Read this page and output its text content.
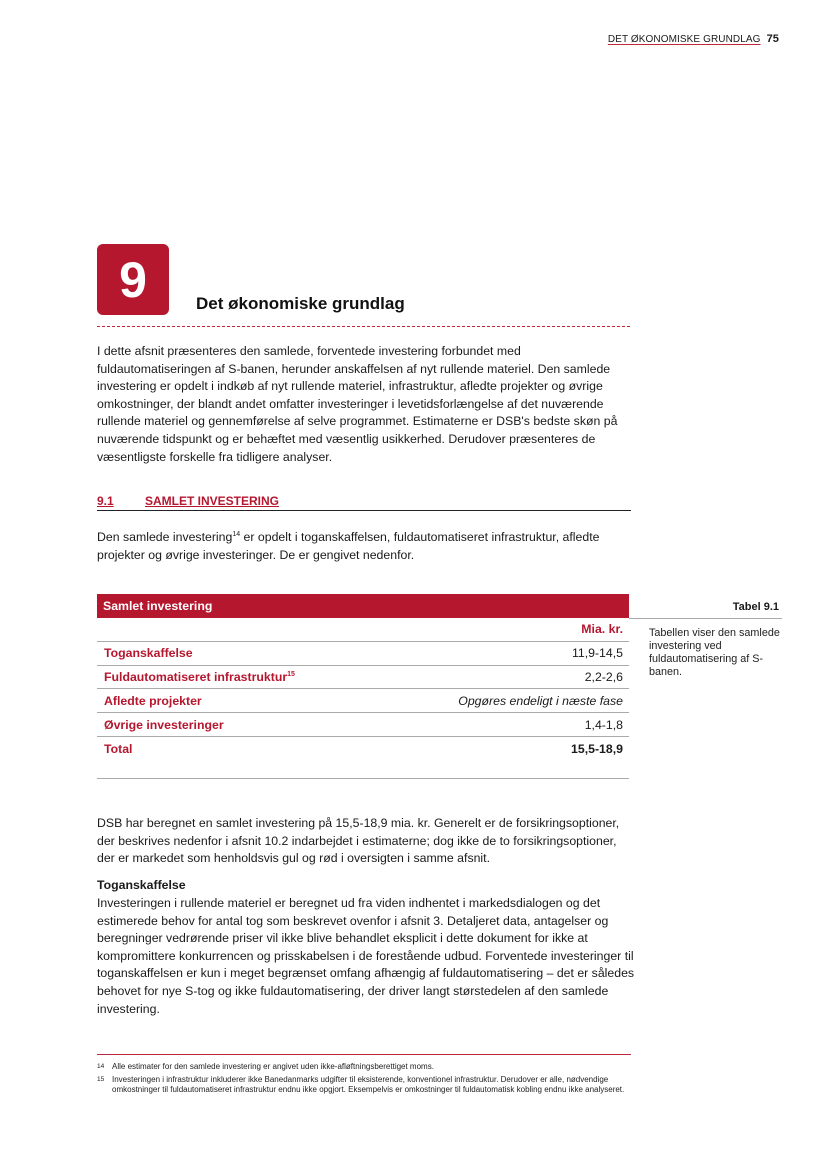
DET ØKONOMISKE GRUNDLAG 75
9	Det økonomiske grundlag

I dette afsnit præsenteres den samlede, forventede investering forbundet med fuldautomatiseringen af S-banen, herunder anskaffelsen af nyt rullende materiel. Den samlede investering er opdelt i indkøb af nyt rullende materiel, infrastruktur, afledte projekter og øvrige omkostninger, der blandt andet omfatter investeringer i levetidsforlængelse af det nuværende rullende materiel og gennemførelse af selve programmet. Estimaterne er DSB's bedste skøn på nuværende tidspunkt og er behæftet med væsentlig usikkerhed. Derudover præsenteres de væsentligste forskelle fra tidligere analyser.

9.1	SAMLET INVESTERING

Den samlede investering$^{14}$ er opdelt i toganskaffelsen, fuldautomatiseret infrastruktur, afledte projekter og øvrige investeringer. De er gengivet nedenfor.

Samlet investering	Tabel 9.1
Tabellen viser den samlede investering ved fuldautomatisering af S-banen.
Mia. kr.
Toganskaffelse	11,9-14,5
Fuldautomatiseret infrastruktur$^{15}$	2,2-2,6
Afledte projekter	Opgøres endeligt i næste fase
Øvrige investeringer	1,4-1,8
Total	15,5-18,9

DSB har beregnet en samlet investering på 15,5-18,9 mia. kr. Generelt er de forsikringsoptioner, der beskrives nedenfor i afsnit 10.2 indarbejdet i estimaterne; dog ikke de to forsikringsoptioner, der er markedet som henholdsvis gul og rød i oversigten i samme afsnit.

Toganskaffelse

Investeringen i rullende materiel er beregnet ud fra viden indhentet i markedsdialogen og det estimerede behov for antal tog som beskrevet ovenfor i afsnit 3. Detaljeret data, antagelser og beregninger vedrørende priser vil ikke blive behandlet eksplicit i dette dokument for ikke at kompromittere konkurrencen og prisskabelsen i de forestående udbud. Forventede investeringer til toganskaffelsen er kun i meget begrænset omfang afhængig af fuldautomatisering – det er således behovet for nye S-tog og ikke fuldautomatisering, der driver langt størstedelen af den samlede investering.

14 Alle estimater for den samlede investering er angivet uden ikke-afløftningsberettiget moms.
15 Investeringen i infrastruktur inkluderer ikke Banedanmarks udgifter til eksisterende, konventionel infrastruktur. Derudover er alle, nødvendige omkostninger til fuldautomatiseret infrastruktur endnu ikke opgjort. Eksempelvis er omkostninger til fuldautomatisk kobling endnu ikke analyseret.
